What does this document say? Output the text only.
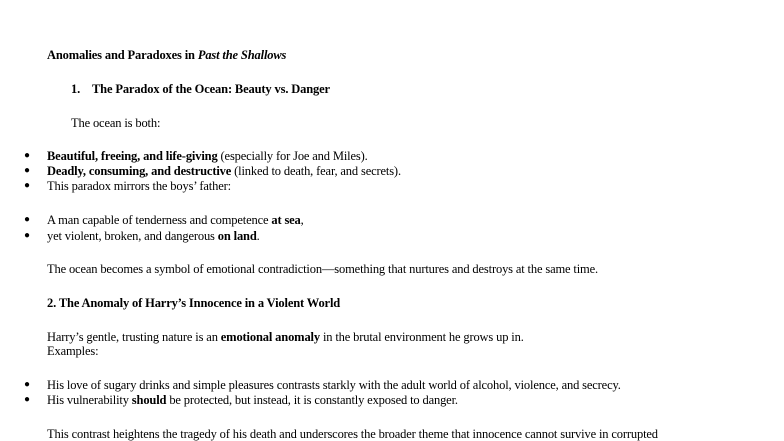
Anomalies and Paradoxes in Past the Shallows
1.    The Paradox of the Ocean: Beauty vs. Danger
The ocean is both:
● Beautiful, freeing, and life-giving (especially for Joe and Miles).
● Deadly, consuming, and destructive (linked to death, fear, and secrets).
● This paradox mirrors the boys’ father:
● A man capable of tenderness and competence at sea,
● yet violent, broken, and dangerous on land.
The ocean becomes a symbol of emotional contradiction—something that nurtures and destroys at the same time.
2. The Anomaly of Harry’s Innocence in a Violent World
Harry’s gentle, trusting nature is an emotional anomaly in the brutal environment he grows up in.
Examples:
● His love of sugary drinks and simple pleasures contrasts starkly with the adult world of alcohol, violence, and secrecy.
● His vulnerability should be protected, but instead, it is constantly exposed to danger.
This contrast heightens the tragedy of his death and underscores the broader theme that innocence cannot survive in corrupted
